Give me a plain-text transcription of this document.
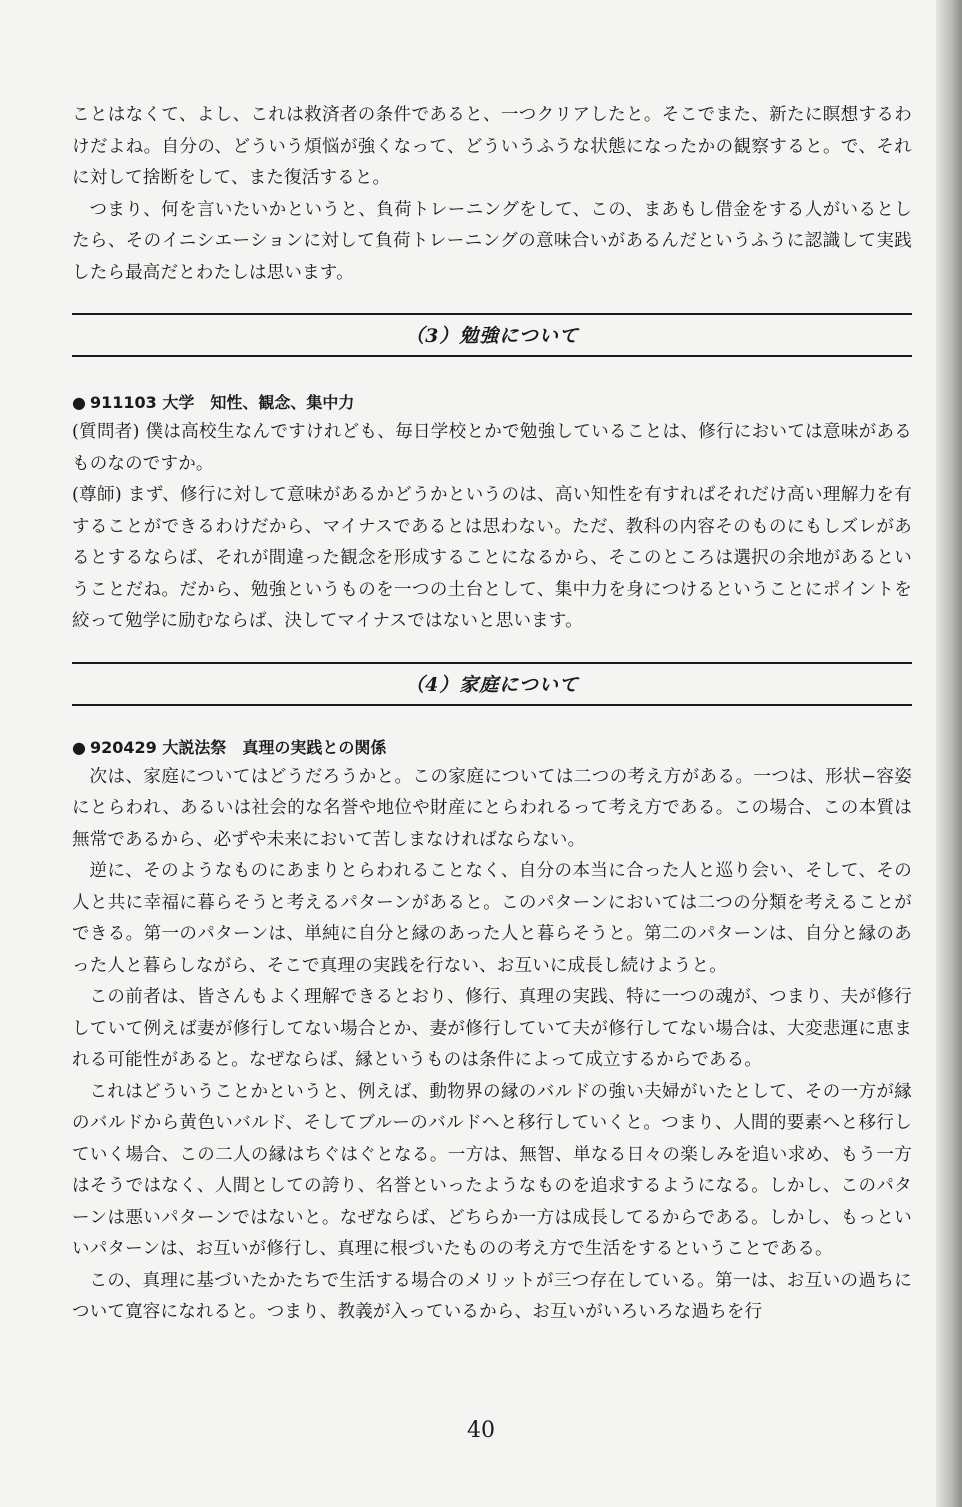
ことはなくて、よし、これは救済者の条件であると、一つクリアしたと。そこでまた、新たに瞑想するわけだよね。自分の、どういう煩悩が強くなって、どういうふうな状態になったかの観察すると。で、それに対して捨断をして、また復活すると。

つまり、何を言いたいかというと、負荷トレーニングをして、この、まあもし借金をする人がいるとしたら、そのイニシエーションに対して負荷トレーニングの意味合いがあるんだというふうに認識して実践したら最高だとわたしは思います。

（3）勉強について

● 911103 大学　知性、観念、集中力

(質問者) 僕は高校生なんですけれども、毎日学校とかで勉強していることは、修行においては意味があるものなのですか。

(尊師) まず、修行に対して意味があるかどうかというのは、高い知性を有すればそれだけ高い理解力を有することができるわけだから、マイナスであるとは思わない。ただ、教科の内容そのものにもしズレがあるとするならば、それが間違った観念を形成することになるから、そこのところは選択の余地があるということだね。だから、勉強というものを一つの土台として、集中力を身につけるということにポイントを絞って勉学に励むならば、決してマイナスではないと思います。

（4）家庭について

● 920429 大説法祭　真理の実践との関係

次は、家庭についてはどうだろうかと。この家庭については二つの考え方がある。一つは、形状−容姿にとらわれ、あるいは社会的な名誉や地位や財産にとらわれるって考え方である。この場合、この本質は無常であるから、必ずや未来において苦しまなければならない。

逆に、そのようなものにあまりとらわれることなく、自分の本当に合った人と巡り会い、そして、その人と共に幸福に暮らそうと考えるパターンがあると。このパターンにおいては二つの分類を考えることができる。第一のパターンは、単純に自分と縁のあった人と暮らそうと。第二のパターンは、自分と縁のあった人と暮らしながら、そこで真理の実践を行ない、お互いに成長し続けようと。

この前者は、皆さんもよく理解できるとおり、修行、真理の実践、特に一つの魂が、つまり、夫が修行していて例えば妻が修行してない場合とか、妻が修行していて夫が修行してない場合は、大変悲運に恵まれる可能性があると。なぜならば、縁というものは条件によって成立するからである。

これはどういうことかというと、例えば、動物界の縁のバルドの強い夫婦がいたとして、その一方が縁のバルドから黄色いバルド、そしてブルーのバルドへと移行していくと。つまり、人間的要素へと移行していく場合、この二人の縁はちぐはぐとなる。一方は、無智、単なる日々の楽しみを追い求め、もう一方はそうではなく、人間としての誇り、名誉といったようなものを追求するようになる。しかし、このパターンは悪いパターンではないと。なぜならば、どちらか一方は成長してるからである。しかし、もっといいパターンは、お互いが修行し、真理に根づいたものの考え方で生活をするということである。

この、真理に基づいたかたちで生活する場合のメリットが三つ存在している。第一は、お互いの過ちについて寛容になれると。つまり、教義が入っているから、お互いがいろいろな過ちを行

40
